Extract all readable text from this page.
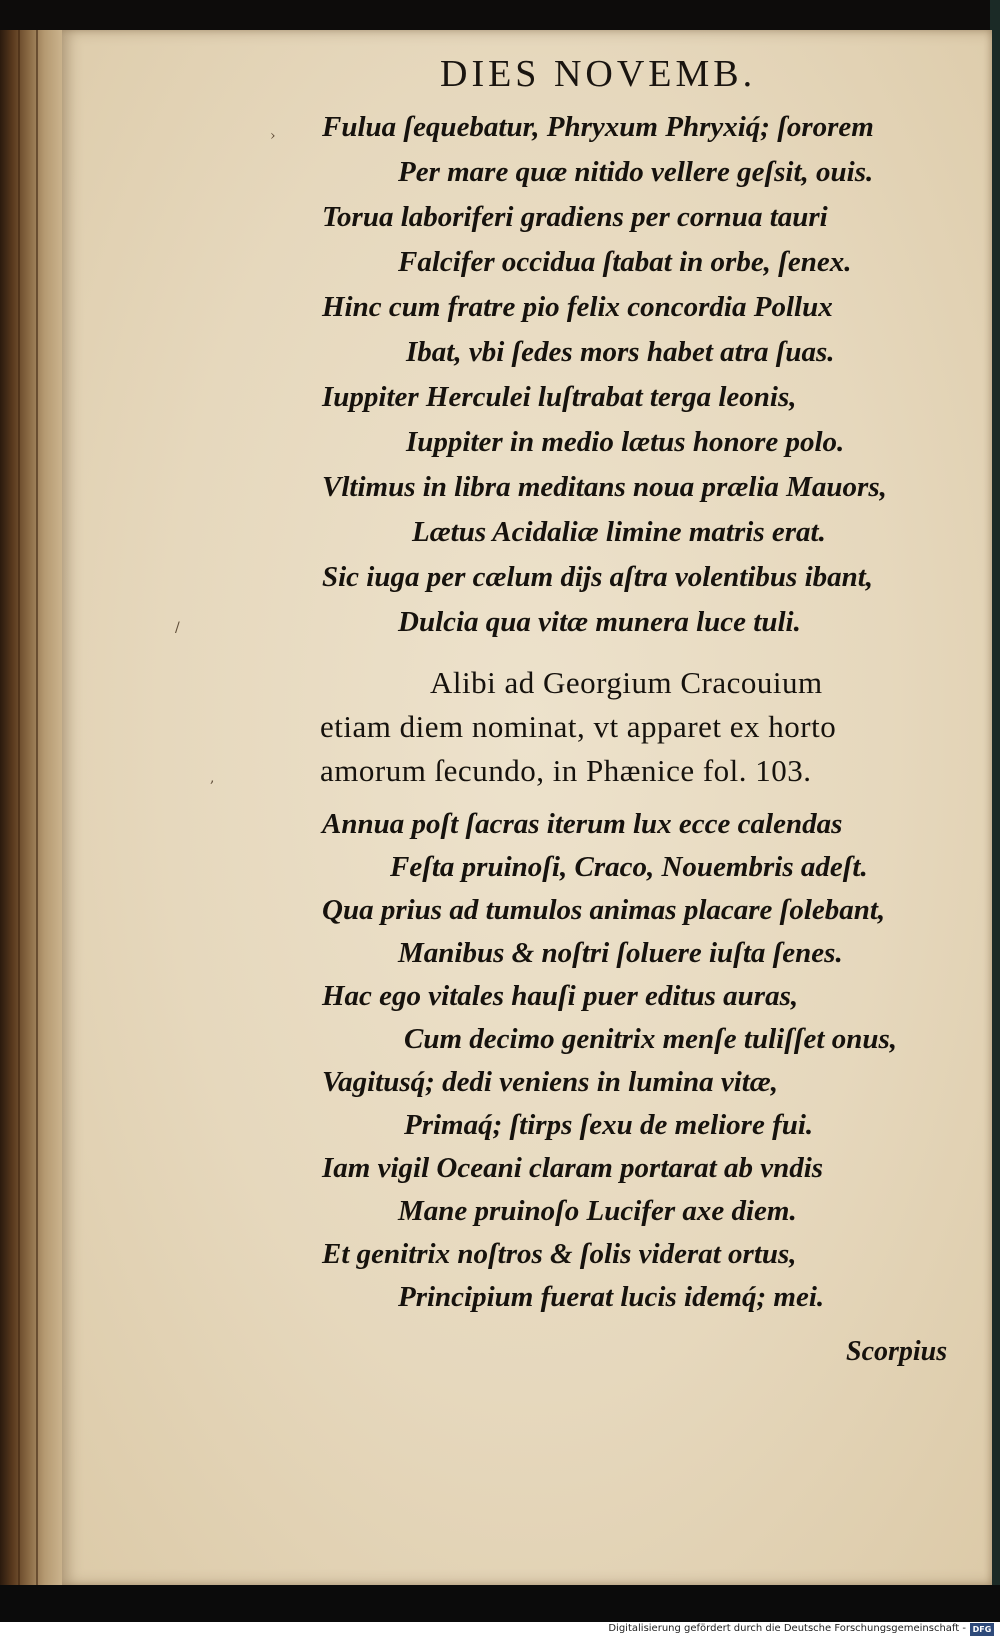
DIES NOVEMB.
Fulua ſequebatur, Phryxum Phryxiq́; ſororem
Per mare quæ nitido vellere geſsit, ouis.
Torua laboriferi gradiens per cornua tauri
Falcifer occidua ſtabat in orbe, ſenex.
Hinc cum fratre pio felix concordia Pollux
Ibat, vbi ſedes mors habet atra ſuas.
Iuppiter Herculei luſtrabat terga leonis,
Iuppiter in medio lætus honore polo.
Vltimus in libra meditans noua prælia Mauors,
Lætus Acidaliæ limine matris erat.
Sic iuga per cælum dijs aſtra volentibus ibant,
Dulcia qua vitæ munera luce tuli.
Alibi ad Georgium Cracouium
etiam diem nominat, vt apparet ex horto
amorum ſecundo, in Phænice fol. 103.
Annua poſt ſacras iterum lux ecce calendas
Feſta pruinoſi, Craco, Nouembris adeſt.
Qua prius ad tumulos animas placare ſolebant,
Manibus & noſtri ſoluere iuſta ſenes.
Hac ego vitales hauſi puer editus auras,
Cum decimo genitrix menſe tuliſſet onus,
Vagitusq́; dedi veniens in lumina vitæ,
Primaq́; ſtirps ſexu de meliore fui.
Iam vigil Oceani claram portarat ab vndis
Mane pruinoſo Lucifer axe diem.
Et genitrix noſtros & ſolis viderat ortus,
Principium fuerat lucis idemq́; mei.
Scorpius
/
,
›
Digitalisierung gefördert durch die Deutsche Forschungsgemeinschaft - DFG
